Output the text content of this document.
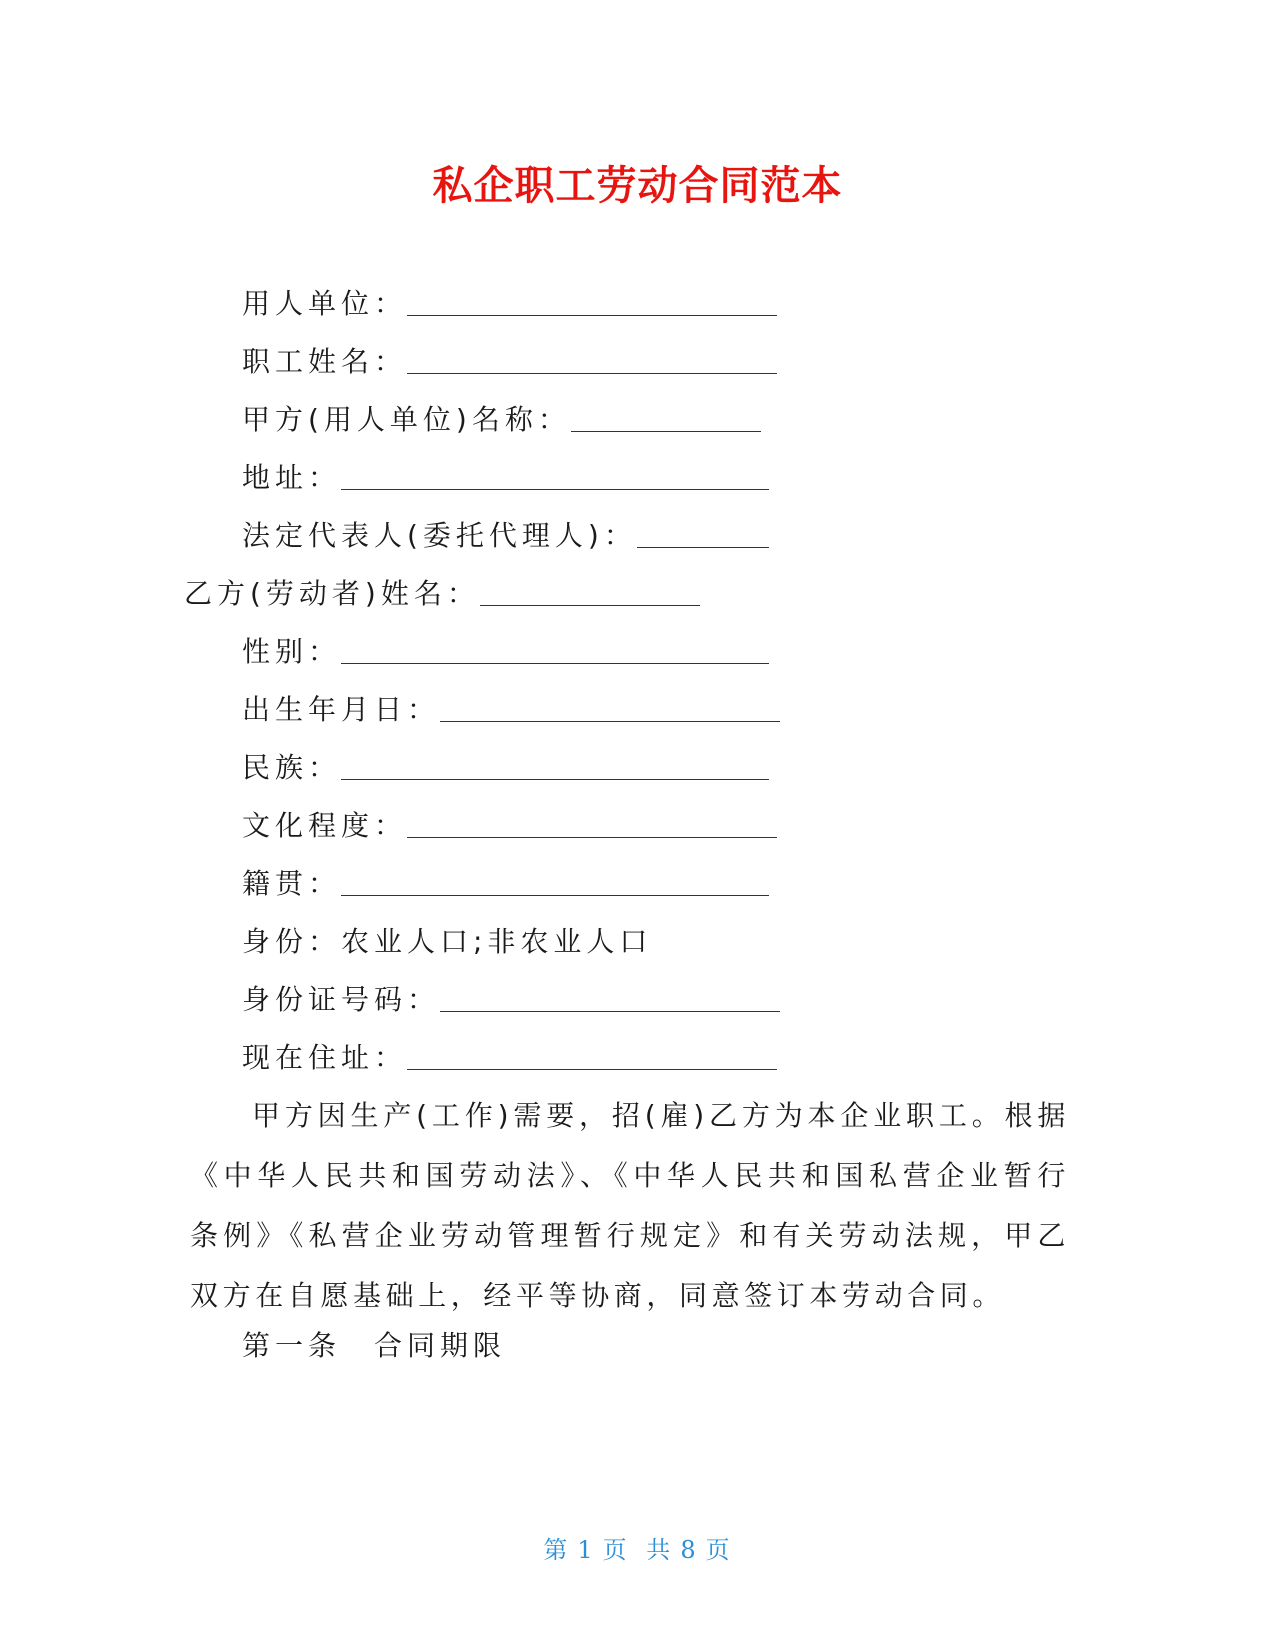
私企职工劳动合同范本
用人单位：
职工姓名：
甲方(用人单位)名称：
地址：
法定代表人(委托代理人)：
乙方(劳动者)姓名：
性别：
出生年月日：
民族：
文化程度：
籍贯：
身份：农业人口;非农业人口
身份证号码：
现在住址：

甲方因生产(工作)需要，招(雇)乙方为本企业职工。根据《中华人民共和国劳动法》、《中华人民共和国私营企业暂行条例》《私营企业劳动管理暂行规定》和有关劳动法规，甲乙双方在自愿基础上，经平等协商，同意签订本劳动合同。

第一条　合同期限
第 1 页 共 8 页
